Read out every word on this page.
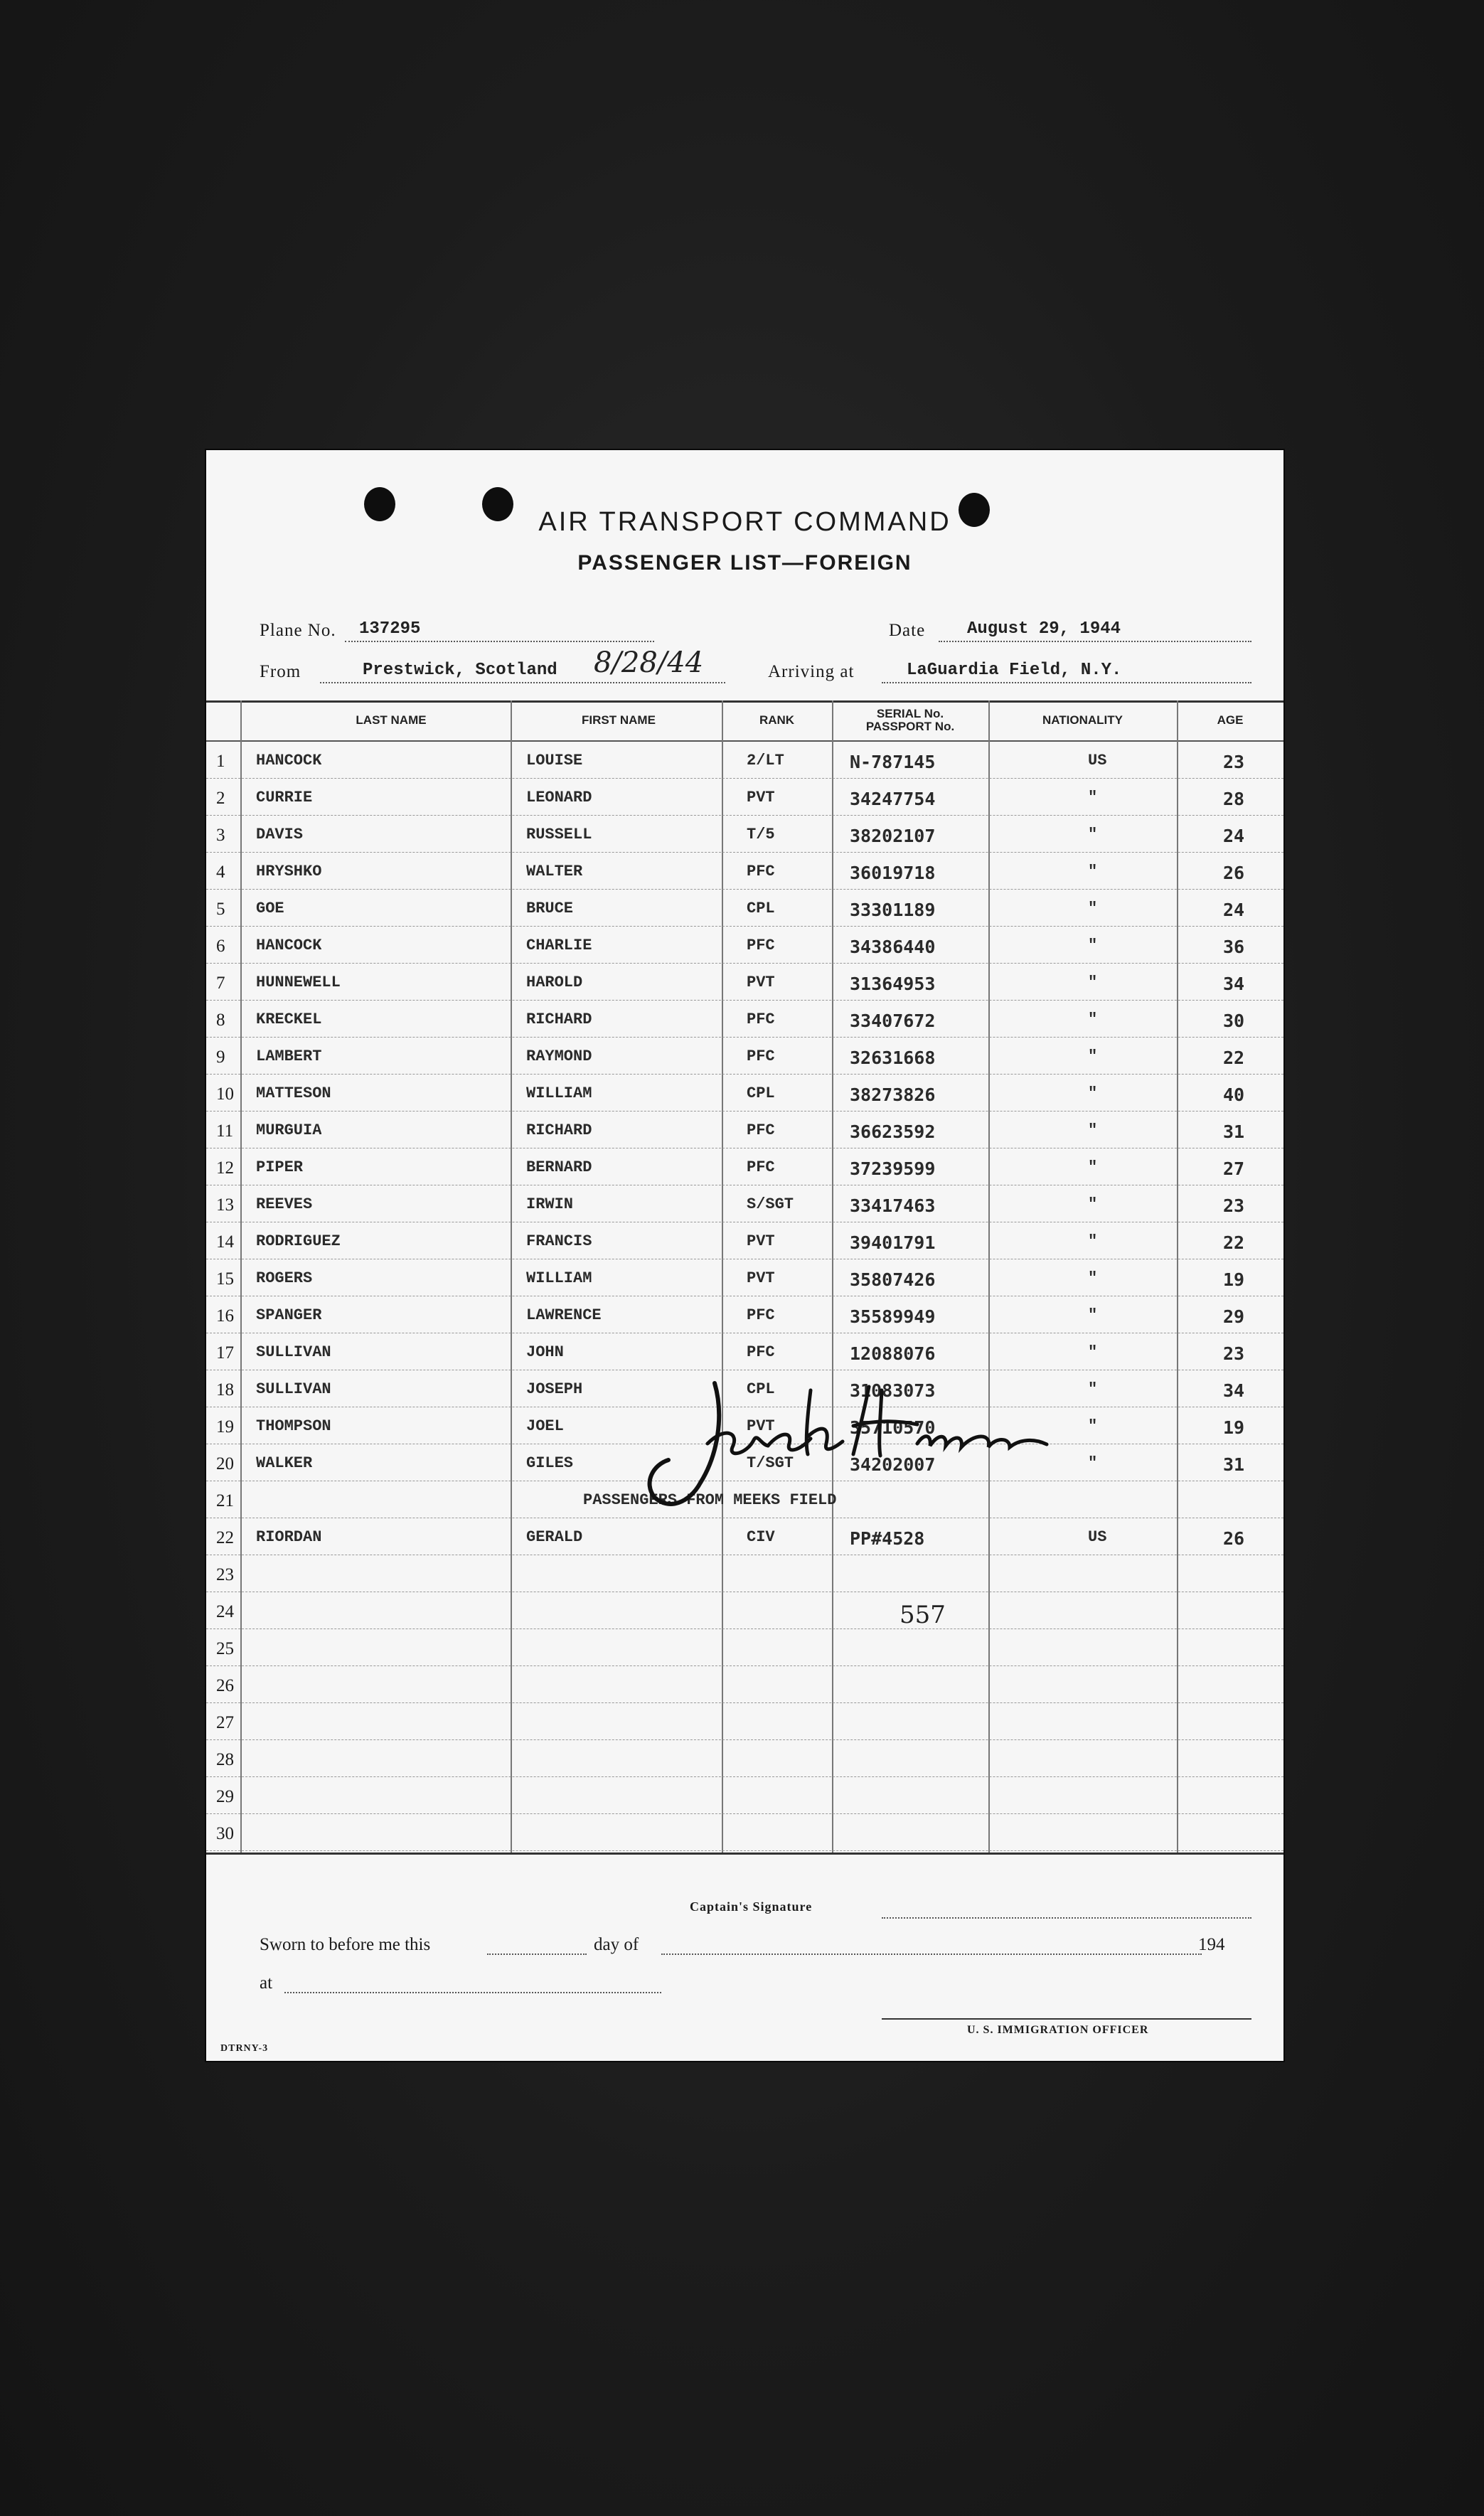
AIR TRANSPORT COMMAND
PASSENGER LIST—FOREIGN
Plane No. 137295	Date August 29, 1944
From	Prestwick, Scotland 8/28/44	Arriving at	LaGuardia Field, N.Y.
LAST NAME	FIRST NAME	RANK	SERIAL No.
PASSPORT No.	NATIONALITY	AGE
1 HANCOCK	LOUISE	2/LT	N-787145	US	23
2 CURRIE	LEONARD	PVT	34247754	"	28
3 DAVIS	RUSSELL	T/5	38202107	"	24
4 HRYSHKO	WALTER	PFC	36019718	"	26
5 GOE	BRUCE	CPL	33301189	"	24
6 HANCOCK	CHARLIE	PFC	34386440	"	36
7 HUNNEWELL	HAROLD	PVT	31364953	"	34
8 KRECKEL	RICHARD	PFC	33407672	"	30
9 LAMBERT	RAYMOND	PFC	32631668	"	22
10 MATTESON	WILLIAM	CPL	38273826	"	40
11 MURGUIA	RICHARD	PFC	36623592	"	31
12 PIPER	BERNARD	PFC	37239599	"	27
13 REEVES	IRWIN	S/SGT	33417463	"	23
14 RODRIGUEZ	FRANCIS	PVT	39401791	"	22
15 ROGERS	WILLIAM	PVT	35807426	"	19
16 SPANGER	LAWRENCE	PFC	35589949	"	29
17 SULLIVAN	JOHN	PFC	12088076	"	23
18 SULLIVAN	JOSEPH	CPL	31083073	"	34
19 THOMPSON	JOEL	PVT	35710570	"	19
20 WALKER	GILES	T/SGT	34202007	"	31
21	PASSENGERS FROM MEEKS FIELD
22 RIORDAN	GERALD	CIV	PP#4528	US	26
23
24	557
25
26
27
28
29
30
Captain's Signature
Sworn to before me this	day of	194
at
U. S. IMMIGRATION OFFICER
DTRNY-3
